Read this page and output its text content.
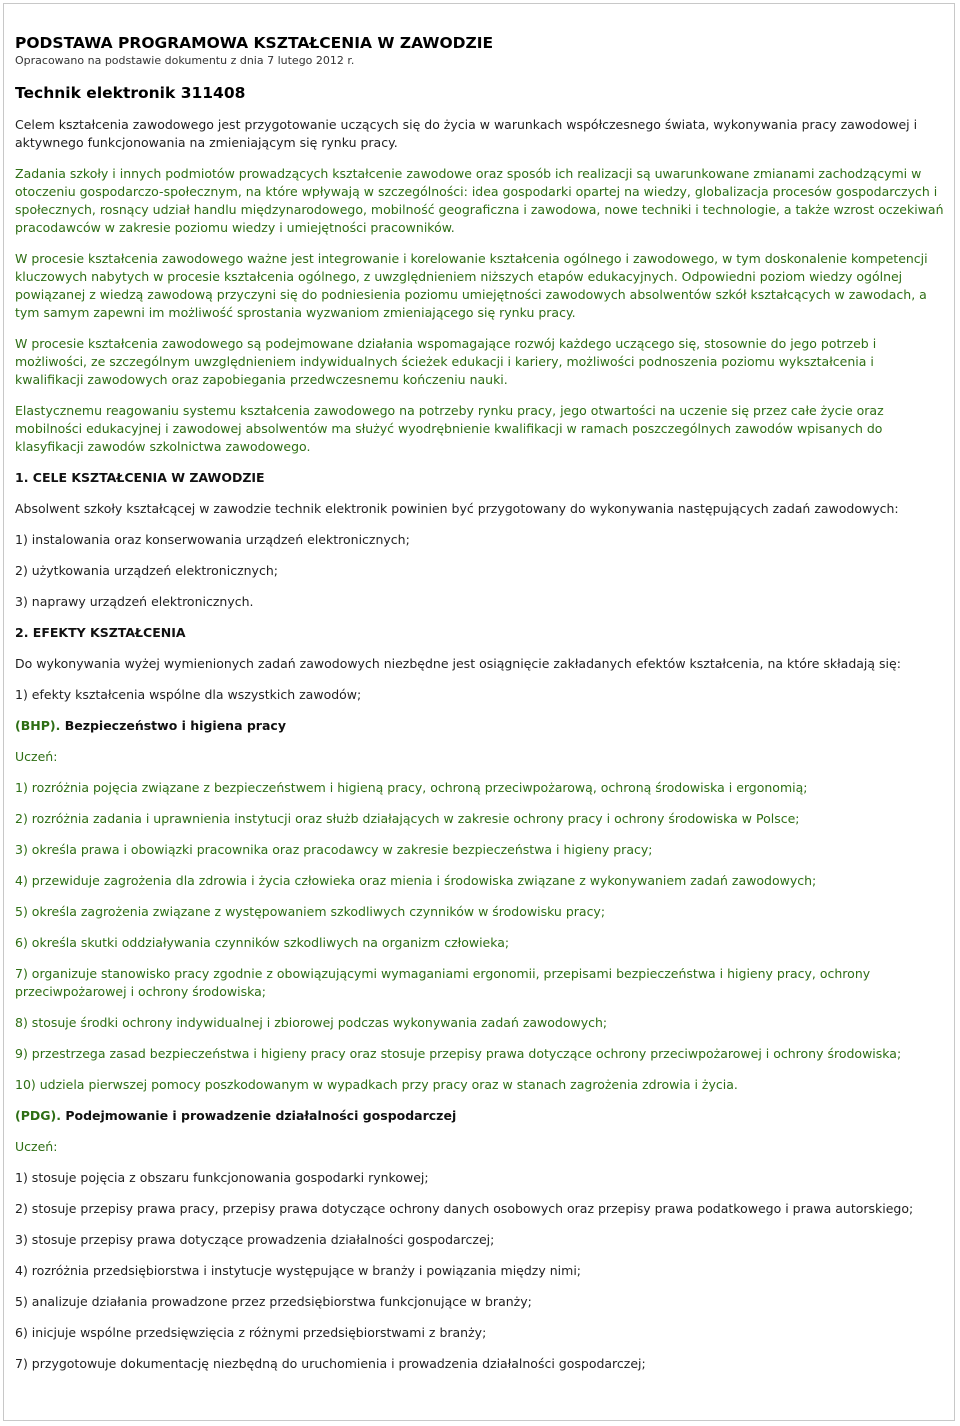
PODSTAWA PROGRAMOWA KSZTAŁCENIA W ZAWODZIE

Opracowano na podstawie dokumentu z dnia 7 lutego 2012 r.

Technik elektronik 311408

Celem kształcenia zawodowego jest przygotowanie uczących się do życia w warunkach współczesnego świata, wykonywania pracy zawodowej i aktywnego funkcjonowania na zmieniającym się rynku pracy.

Zadania szkoły i innych podmiotów prowadzących kształcenie zawodowe oraz sposób ich realizacji są uwarunkowane zmianami zachodzącymi w otoczeniu gospodarczo-społecznym, na które wpływają w szczególności: idea gospodarki opartej na wiedzy, globalizacja procesów gospodarczych i społecznych, rosnący udział handlu międzynarodowego, mobilność geograficzna i zawodowa, nowe techniki i technologie, a także wzrost oczekiwań pracodawców w zakresie poziomu wiedzy i umiejętności pracowników.

W procesie kształcenia zawodowego ważne jest integrowanie i korelowanie kształcenia ogólnego i zawodowego, w tym doskonalenie kompetencji kluczowych nabytych w procesie kształcenia ogólnego, z uwzględnieniem niższych etapów edukacyjnych. Odpowiedni poziom wiedzy ogólnej powiązanej z wiedzą zawodową przyczyni się do podniesienia poziomu umiejętności zawodowych absolwentów szkół kształcących w zawodach, a tym samym zapewni im możliwość sprostania wyzwaniom zmieniającego się rynku pracy.

W procesie kształcenia zawodowego są podejmowane działania wspomagające rozwój każdego uczącego się, stosownie do jego potrzeb i możliwości, ze szczególnym uwzględnieniem indywidualnych ścieżek edukacji i kariery, możliwości podnoszenia poziomu wykształcenia i kwalifikacji zawodowych oraz zapobiegania przedwczesnemu kończeniu nauki.

Elastycznemu reagowaniu systemu kształcenia zawodowego na potrzeby rynku pracy, jego otwartości na uczenie się przez całe życie oraz mobilności edukacyjnej i zawodowej absolwentów ma służyć wyodrębnienie kwalifikacji w ramach poszczególnych zawodów wpisanych do klasyfikacji zawodów szkolnictwa zawodowego.

1. CELE KSZTAŁCENIA W ZAWODZIE

Absolwent szkoły kształcącej w zawodzie technik elektronik powinien być przygotowany do wykonywania następujących zadań zawodowych:

1) instalowania oraz konserwowania urządzeń elektronicznych;

2) użytkowania urządzeń elektronicznych;

3) naprawy urządzeń elektronicznych.

2. EFEKTY KSZTAŁCENIA

Do wykonywania wyżej wymienionych zadań zawodowych niezbędne jest osiągnięcie zakładanych efektów kształcenia, na które składają się:

1) efekty kształcenia wspólne dla wszystkich zawodów;

(BHP). Bezpieczeństwo i higiena pracy

Uczeń:

1) rozróżnia pojęcia związane z bezpieczeństwem i higieną pracy, ochroną przeciwpożarową, ochroną środowiska i ergonomią;

2) rozróżnia zadania i uprawnienia instytucji oraz służb działających w zakresie ochrony pracy i ochrony środowiska w Polsce;

3) określa prawa i obowiązki pracownika oraz pracodawcy w zakresie bezpieczeństwa i higieny pracy;

4) przewiduje zagrożenia dla zdrowia i życia człowieka oraz mienia i środowiska związane z wykonywaniem zadań zawodowych;

5) określa zagrożenia związane z występowaniem szkodliwych czynników w środowisku pracy;

6) określa skutki oddziaływania czynników szkodliwych na organizm człowieka;

7) organizuje stanowisko pracy zgodnie z obowiązującymi wymaganiami ergonomii, przepisami bezpieczeństwa i higieny pracy, ochrony przeciwpożarowej i ochrony środowiska;

8) stosuje środki ochrony indywidualnej i zbiorowej podczas wykonywania zadań zawodowych;

9) przestrzega zasad bezpieczeństwa i higieny pracy oraz stosuje przepisy prawa dotyczące ochrony przeciwpożarowej i ochrony środowiska;

10) udziela pierwszej pomocy poszkodowanym w wypadkach przy pracy oraz w stanach zagrożenia zdrowia i życia.

(PDG). Podejmowanie i prowadzenie działalności gospodarczej

Uczeń:

1) stosuje pojęcia z obszaru funkcjonowania gospodarki rynkowej;

2) stosuje przepisy prawa pracy, przepisy prawa dotyczące ochrony danych osobowych oraz przepisy prawa podatkowego i prawa autorskiego;

3) stosuje przepisy prawa dotyczące prowadzenia działalności gospodarczej;

4) rozróżnia przedsiębiorstwa i instytucje występujące w branży i powiązania między nimi;

5) analizuje działania prowadzone przez przedsiębiorstwa funkcjonujące w branży;

6) inicjuje wspólne przedsięwzięcia z różnymi przedsiębiorstwami z branży;

7) przygotowuje dokumentację niezbędną do uruchomienia i prowadzenia działalności gospodarczej;
